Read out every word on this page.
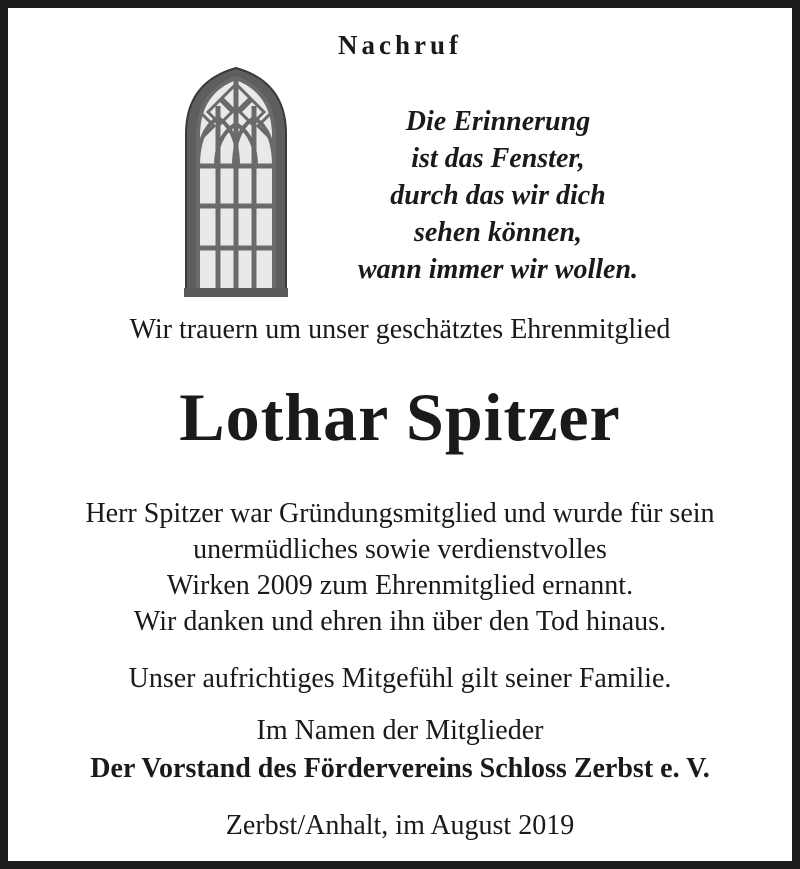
Nachruf
Die Erinnerung
ist das Fenster,
durch das wir dich
sehen können,
wann immer wir wollen.
Wir trauern um unser geschätztes Ehrenmitglied
Lothar Spitzer
Herr Spitzer war Gründungsmitglied und wurde für sein
unermüdliches sowie verdienstvolles
Wirken 2009 zum Ehrenmitglied ernannt.
Wir danken und ehren ihn über den Tod hinaus.
Unser aufrichtiges Mitgefühl gilt seiner Familie.
Im Namen der Mitglieder
Der Vorstand des Fördervereins Schloss Zerbst e. V.
Zerbst/Anhalt, im August 2019
